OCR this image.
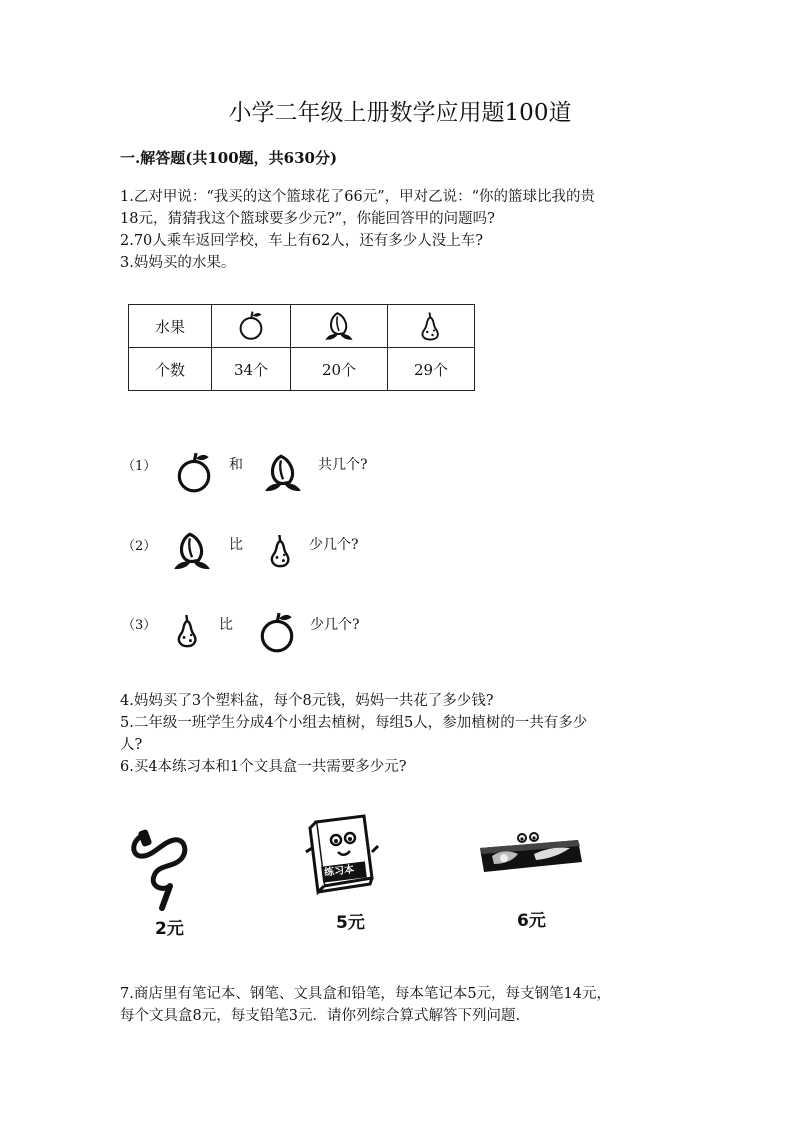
小学二年级上册数学应用题100道
一.解答题(共100题，共630分)
1.乙对甲说：“我买的这个篮球花了66元”，甲对乙说：“你的篮球比我的贵
18元，猜猜我这个篮球要多少元?”，你能回答甲的问题吗?
2.70人乘车返回学校，车上有62人，还有多少人没上车?
3.妈妈买的水果。
水果			
个数	34个	20个	29个
（1）	和	共几个?
（2）	比	少几个?
（3）	比	少几个?
4.妈妈买了3个塑料盆，每个8元钱，妈妈一共花了多少钱?
5.二年级一班学生分成4个小组去植树，每组5人，参加植树的一共有多少
人?
6.买4本练习本和1个文具盒一共需要多少元?
2元
练习本
5元	6元
7.商店里有笔记本、钢笔、文具盒和铅笔，每本笔记本5元，每支钢笔14元，
每个文具盒8元，每支铅笔3元．请你列综合算式解答下列问题.
